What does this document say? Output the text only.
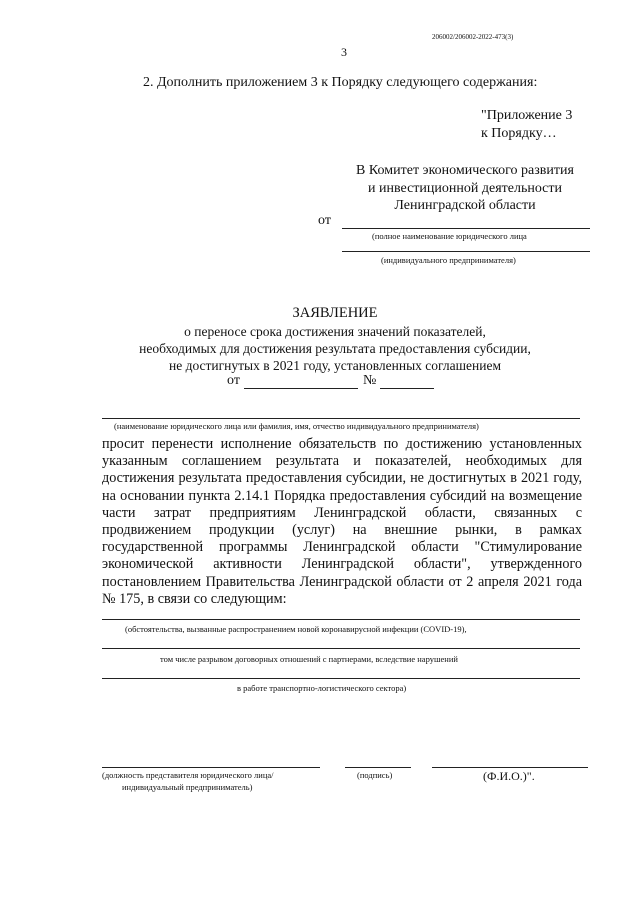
206002/206002-2022-473(3)
3
2. Дополнить приложением 3 к Порядку следующего содержания:
"Приложение 3
к Порядку…
В Комитет экономического развития
и инвестиционной деятельности
Ленинградской области
от
(полное наименование юридического лица
(индивидуального предпринимателя)
ЗАЯВЛЕНИЕ
о переносе срока достижения значений показателей,
необходимых для достижения результата предоставления субсидии,
не достигнутых в 2021 году, установленных соглашением
от	№
(наименование юридического лица или фамилия, имя, отчество индивидуального предпринимателя)

просит перенести исполнение обязательств по достижению установленных указанным соглашением результата и показателей, необходимых для достижения результата предоставления субсидии, не достигнутых в 2021 году, на основании пункта 2.14.1 Порядка предоставления субсидий на возмещение части затрат предприятиям Ленинградской области, связанных с продвижением продукции (услуг) на внешние рынки, в рамках государственной программы Ленинградской области "Стимулирование экономической активности Ленинградской области", утвержденного постановлением Правительства Ленинградской области от 2 апреля 2021 года № 175, в связи со следующим:

(обстоятельства, вызванные распространением новой коронавирусной инфекции (COVID-19),
том числе разрывом договорных отношений с партнерами, вследствие нарушений
в работе транспортно-логистического сектора)
(должность представителя юридического лица/
индивидуальный предприниматель)
(подпись)	(Ф.И.О.)".
